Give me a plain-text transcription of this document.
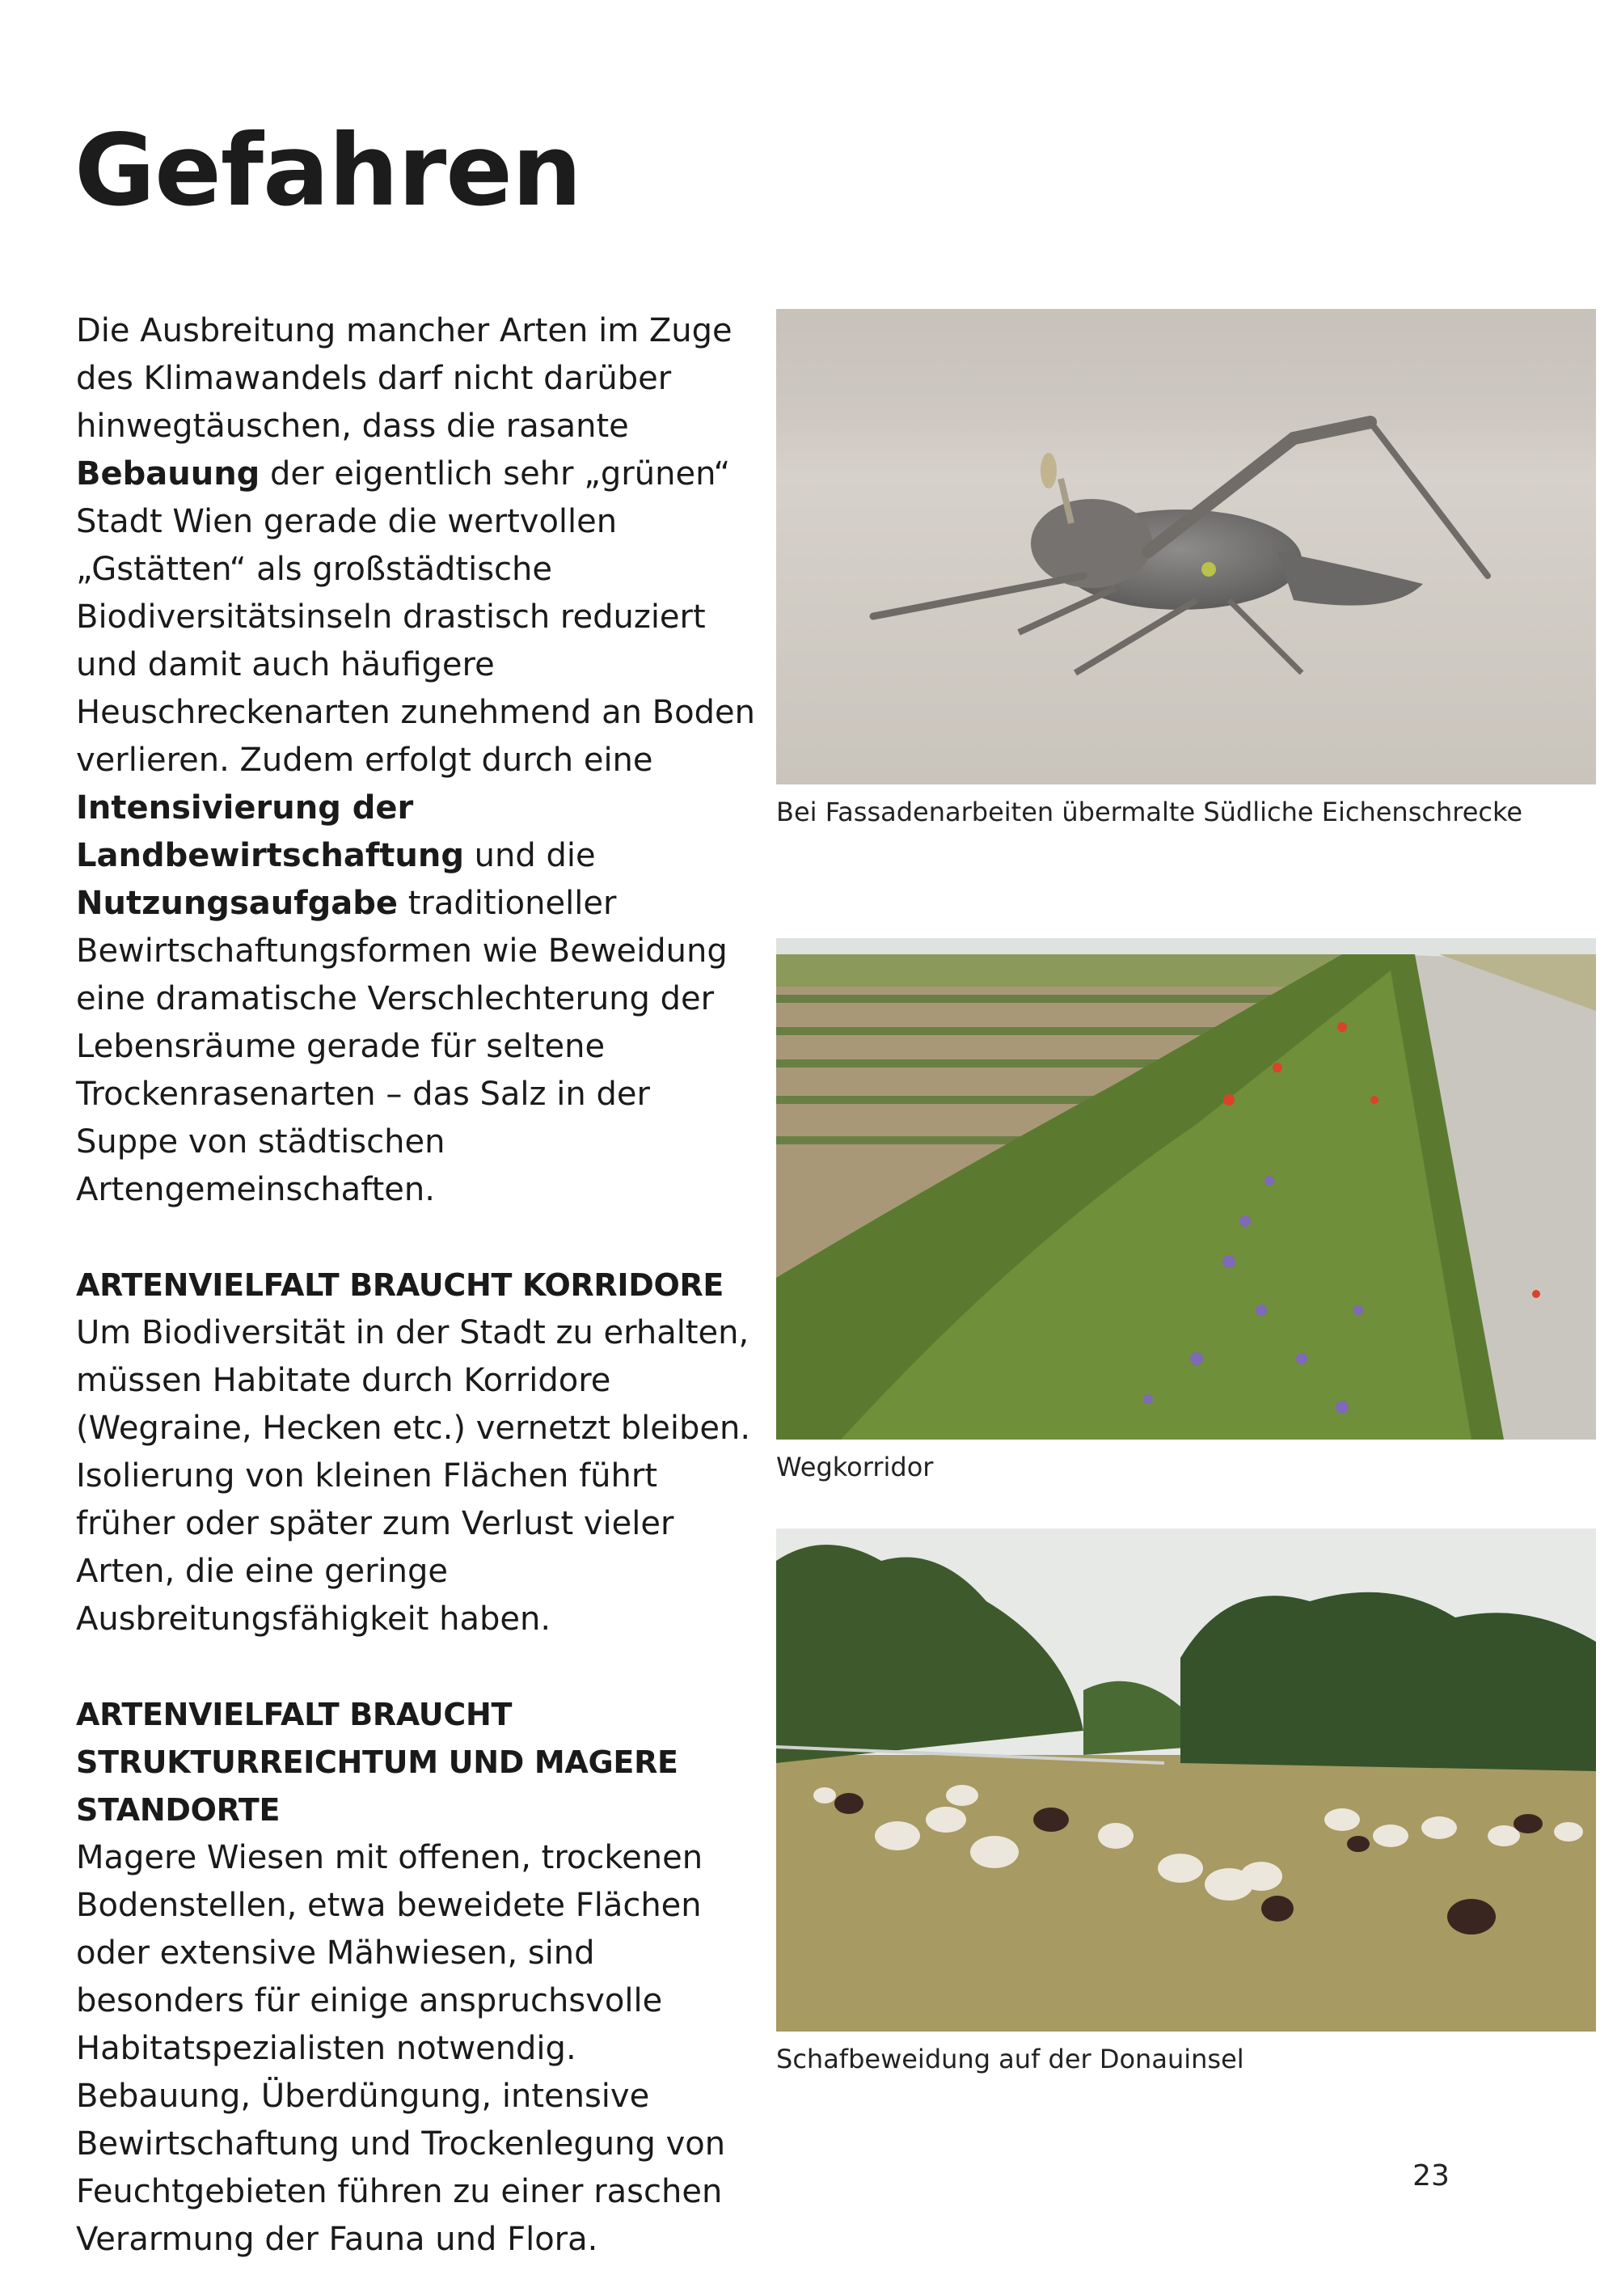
Gefahren

Die Ausbreitung mancher Arten im Zuge des Klimawandels darf nicht darüber hinwegtäuschen, dass die rasante Bebauung der eigentlich sehr „grünen“ Stadt Wien gerade die wertvollen „Gstätten“ als großstädtische Biodiversitätsinseln drastisch reduziert und damit auch häufigere Heuschreckenarten zunehmend an Boden verlieren. Zudem erfolgt durch eine Intensivierung der Landbewirtschaftung und die Nutzungsaufgabe traditioneller Bewirtschaftungsformen wie Beweidung eine dramatische Verschlechterung der Lebensräume gerade für seltene Trockenrasenarten – das Salz in der Suppe von städtischen Artengemeinschaften.

ARTENVIELFALT BRAUCHT KORRIDORE
Um Biodiversität in der Stadt zu erhalten, müssen Habitate durch Korridore (Wegraine, Hecken etc.) vernetzt bleiben. Isolierung von kleinen Flächen führt früher oder später zum Verlust vieler Arten, die eine geringe Ausbreitungsfähigkeit haben.

ARTENVIELFALT BRAUCHT STRUKTURREICHTUM UND MAGERE STANDORTE
Magere Wiesen mit offenen, trockenen Bodenstellen, etwa beweidete Flächen oder extensive Mähwiesen, sind besonders für einige anspruchsvolle Habitatspezialisten notwendig. Bebauung, Überdüngung, intensive Bewirtschaftung und Trockenlegung von Feuchtgebieten führen zu einer raschen Verarmung der Fauna und Flora.

Bei Fassadenarbeiten übermalte Südliche Eichenschrecke
Wegkorridor
Schafbeweidung auf der Donauinsel
23
